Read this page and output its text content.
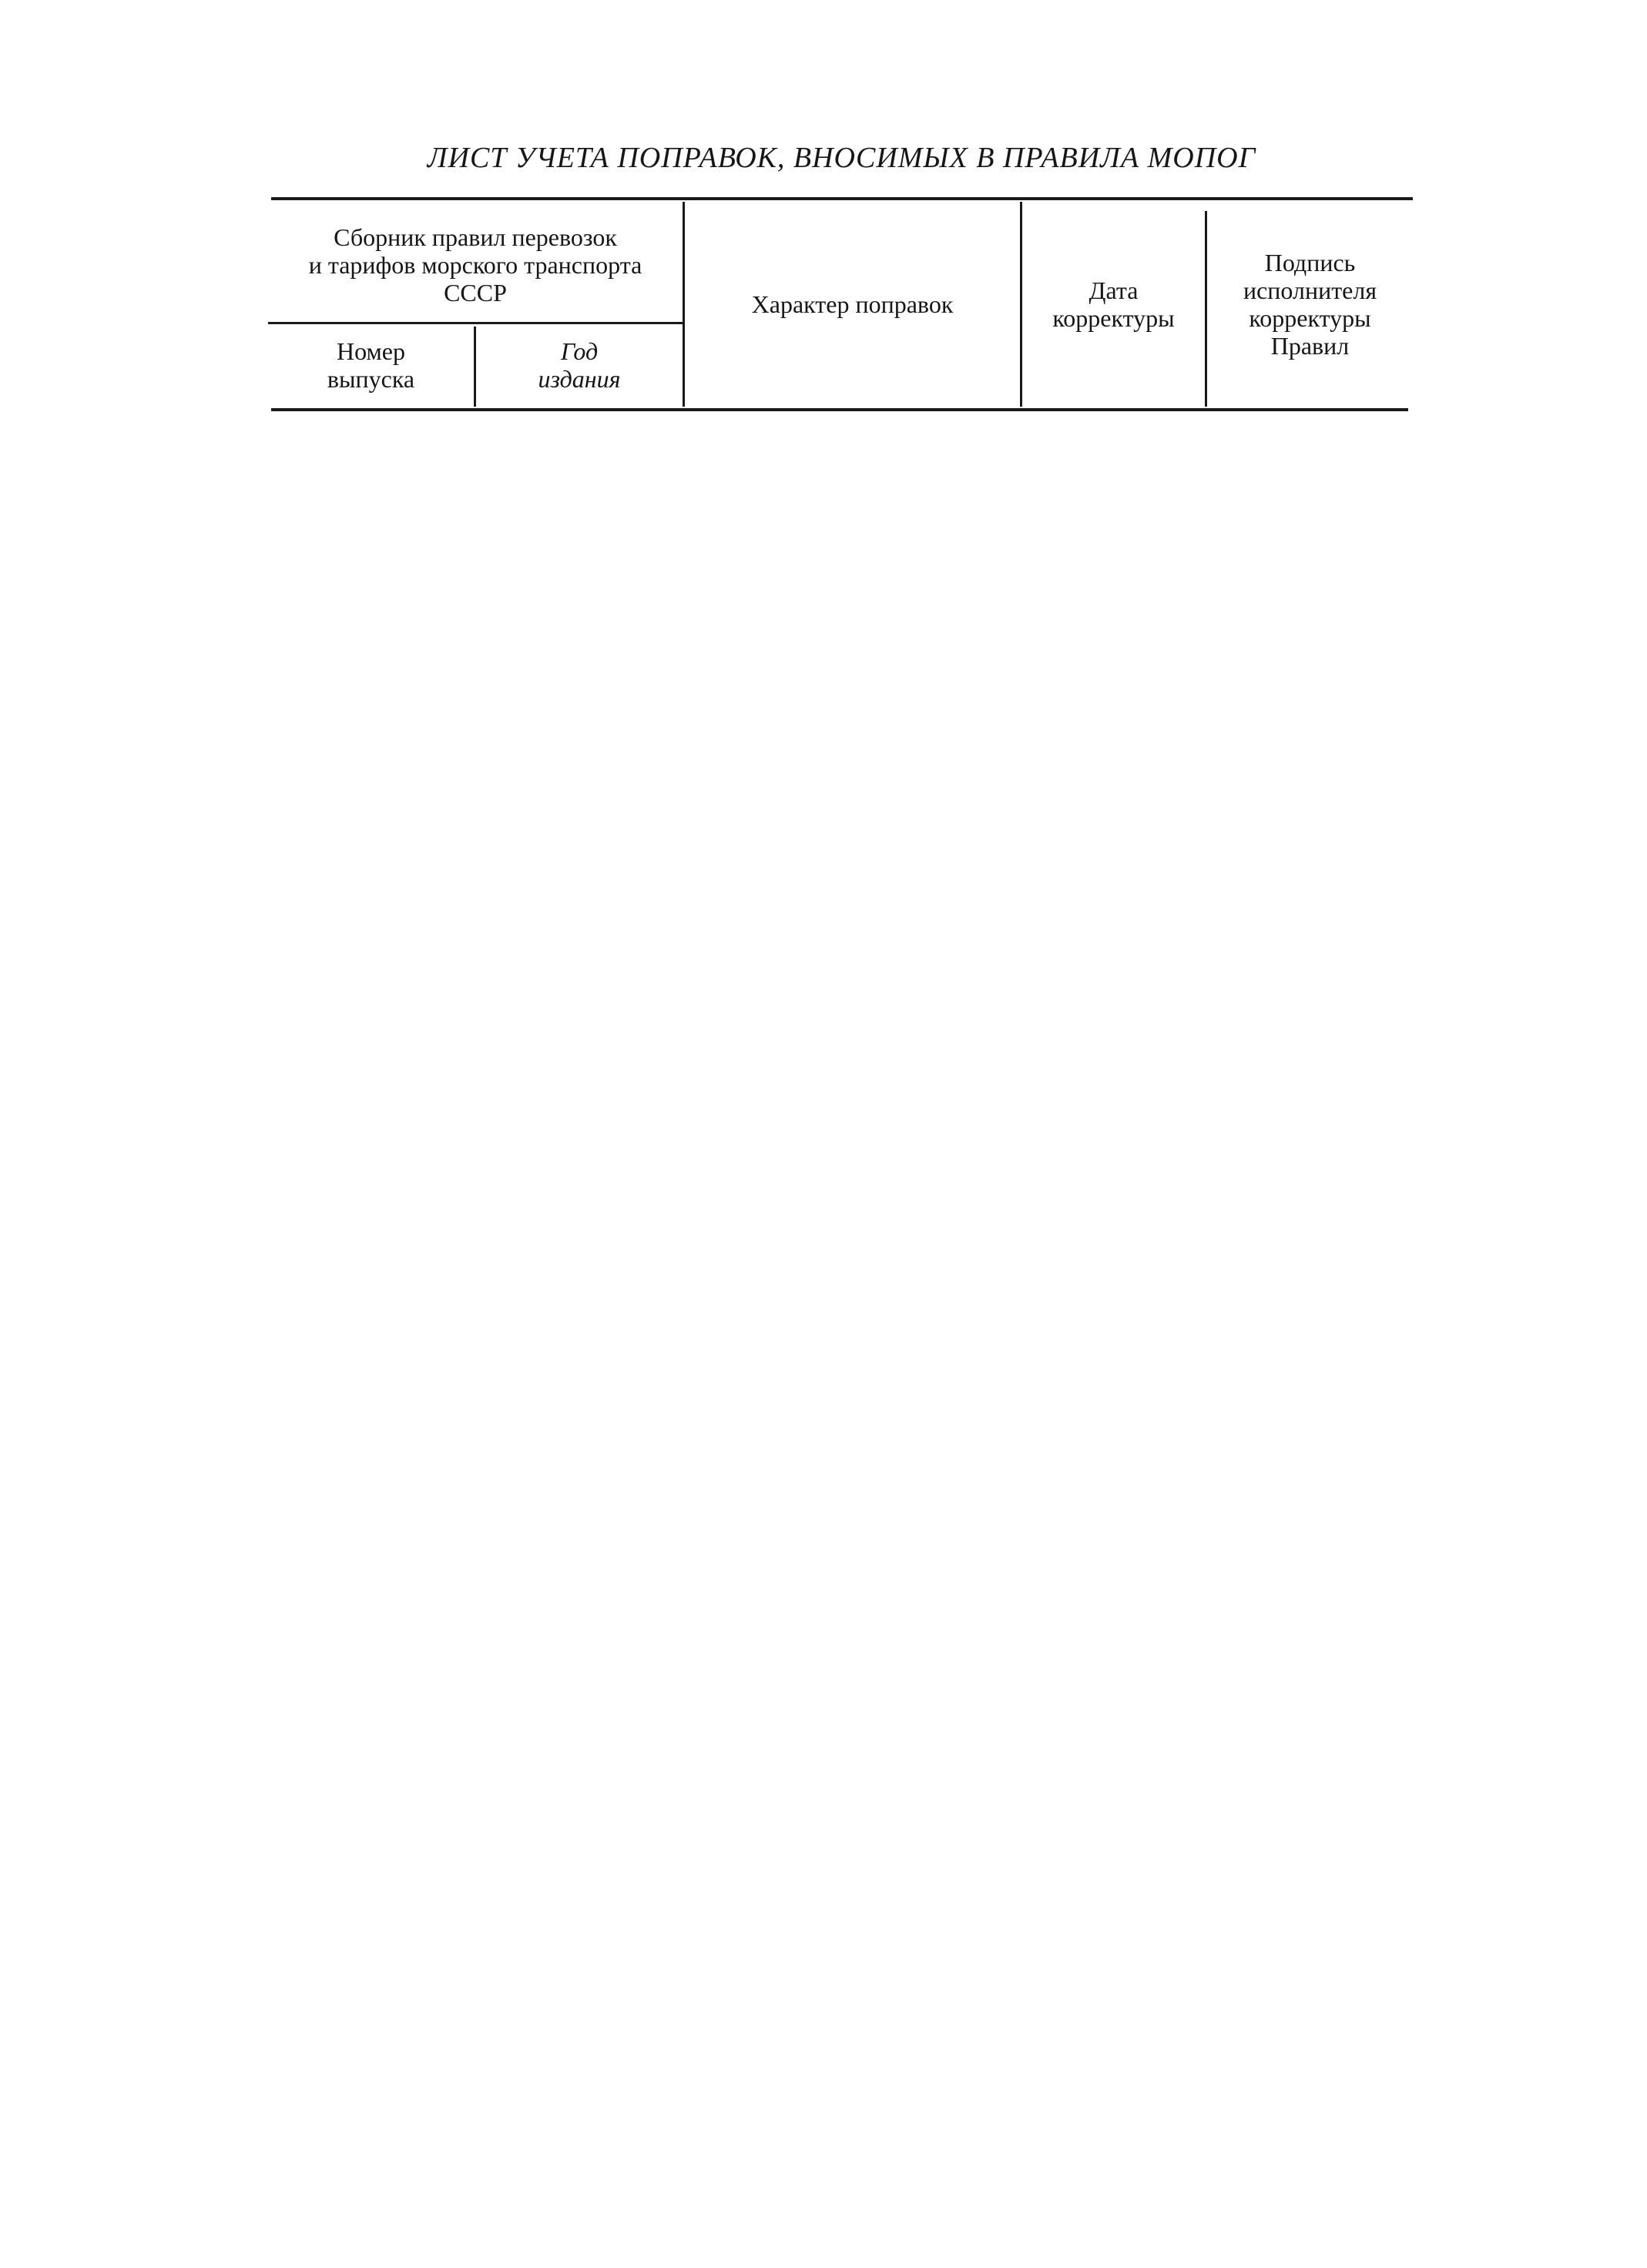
ЛИСТ УЧЕТА ПОПРАВОК, ВНОСИМЫХ В ПРАВИЛА МОПОГ
Сборник правил перевозок
и тарифов морского транспорта
СССР
Номер
выпуска
Год
издания
Характер поправок	Дата
корректуры
Подпись
исполнителя
корректуры
Правил
